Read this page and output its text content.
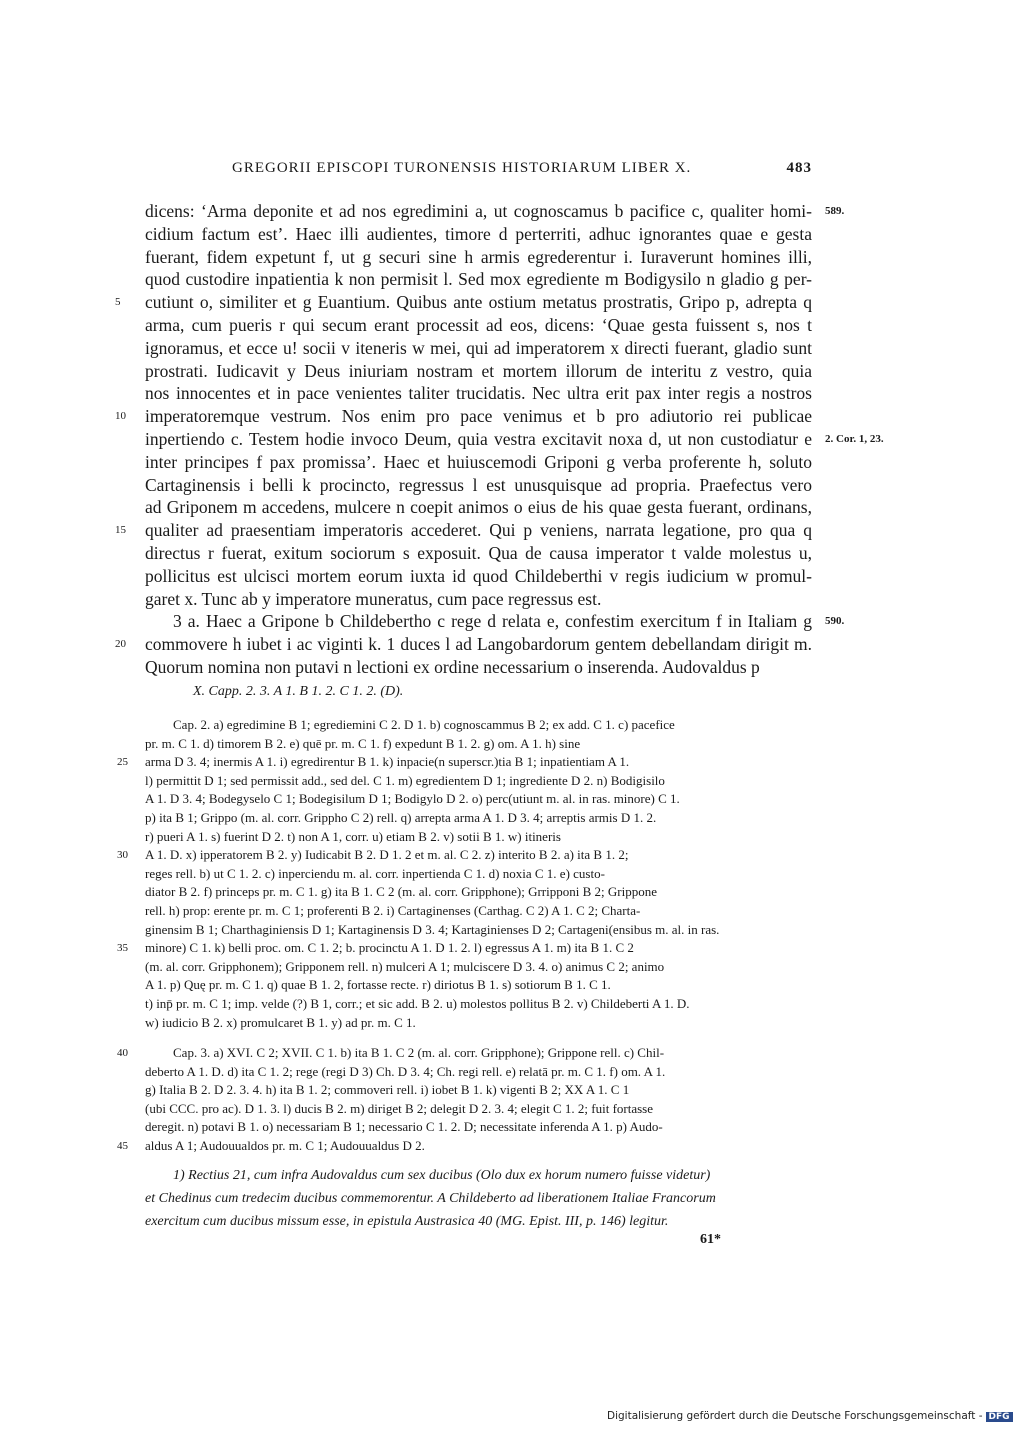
GREGORII EPISCOPI TURONENSIS HISTORIARUM LIBER X.	483
dicens: ‘Arma deponite et ad nos egredimini a, ut cognoscamus b pacifice c, qualiter homi- 589.
cidium factum est’. Haec illi audientes, timore d perterriti, adhuc ignorantes quae e gesta
fuerant, fidem expetunt f, ut g securi sine h armis egrederentur i. Iuraverunt homines illi,
quod custodire inpatientia k non permisit l. Sed mox egrediente m Bodigysilo n gladio g per-
cutiunt o, similiter et g Euantium. Quibus ante ostium metatus prostratis, Gripo p, adrepta q
5
arma, cum pueris r qui secum erant processit ad eos, dicens: ‘Quae gesta fuissent s, nos t
ignoramus, et ecce u! socii v iteneris w mei, qui ad imperatorem x directi fuerant, gladio sunt
prostrati. Iudicavit y Deus iniuriam nostram et mortem illorum de interitu z vestro, quia
nos innocentes et in pace venientes taliter trucidatis. Nec ultra erit pax inter regis a nostros
imperatoremque vestrum. Nos enim pro pace venimus et b pro adiutorio rei publicae
10
inpertiendo c. Testem hodie invoco Deum, quia vestra excitavit noxa d, ut non custodiatur e 2. Cor. 1, 23.
inter principes f pax promissa’. Haec et huiuscemodi Griponi g verba proferente h, soluto
Cartaginensis i belli k procincto, regressus l est unusquisque ad propria. Praefectus vero
ad Griponem m accedens, mulcere n coepit animos o eius de his quae gesta fuerant, ordinans,
qualiter ad praesentiam imperatoris accederet. Qui p veniens, narrata legatione, pro qua q
15
directus r fuerat, exitum sociorum s exposuit. Qua de causa imperator t valde molestus u,
pollicitus est ulcisci mortem eorum iuxta id quod Childeberthi v regis iudicium w promul-
garet x. Tunc ab y imperatore muneratus, cum pace regressus est.
3 a. Haec a Gripone b Childebertho c rege d relata e, confestim exercitum f in Italiam g 590.
commovere h iubet i ac viginti k. 1 duces l ad Langobardorum gentem debellandam dirigit m.
20
Quorum nomina non putavi n lectioni ex ordine necessarium o inserenda. Audovaldus p
X. Capp. 2. 3. A 1. B 1. 2. C 1. 2. (D).
Cap. 2. a) egredimine B 1; egrediemini C 2. D 1. b) cognoscammus B 2; ex add. C 1. c) pacefice
pr. m. C 1. d) timorem B 2. e) quē pr. m. C 1. f) expedunt B 1. 2. g) om. A 1. h) sine
arma D 3. 4; inermis A 1. i) egredirentur B 1. k) inpacie(n superscr.)tia B 1; inpatientiam A 1.
25
l) permittit D 1; sed permissit add., sed del. C 1. m) egredientem D 1; ingrediente D 2. n) Bodigisilo
A 1. D 3. 4; Bodegyselo C 1; Bodegisilum D 1; Bodigylo D 2. o) perc(utiunt m. al. in ras. minore) C 1.
p) ita B 1; Grippo (m. al. corr. Grippho C 2) rell. q) arrepta arma A 1. D 3. 4; arreptis armis D 1. 2.
r) pueri A 1. s) fuerint D 2. t) non A 1, corr. u) etiam B 2. v) sotii B 1. w) itineris
A 1. D. x) ipperatorem B 2. y) Iudicabit B 2. D 1. 2 et m. al. C 2. z) interito B 2. a) ita B 1. 2;
30
reges rell. b) ut C 1. 2. c) inperciendu m. al. corr. inpertienda C 1. d) noxia C 1. e) custo-
diator B 2. f) princeps pr. m. C 1. g) ita B 1. C 2 (m. al. corr. Gripphone); Grripponi B 2; Grippone
rell. h) prop: erente pr. m. C 1; proferenti B 2. i) Cartaginenses (Carthag. C 2) A 1. C 2; Charta-
ginensim B 1; Charthaginiensis D 1; Kartaginensis D 3. 4; Kartaginienses D 2; Cartageni(ensibus m. al. in ras.
minore) C 1. k) belli proc. om. C 1. 2; b. procinctu A 1. D 1. 2. l) egressus A 1. m) ita B 1. C 2
35
(m. al. corr. Gripphonem); Gripponem rell. n) mulceri A 1; mulciscere D 3. 4. o) animus C 2; animo
A 1. p) Quę pr. m. C 1. q) quae B 1. 2, fortasse recte. r) diriotus B 1. s) sotiorum B 1. C 1.
t) inp̄ pr. m. C 1; imp. velde (?) B 1, corr.; et sic add. B 2. u) molestos pollitus B 2. v) Childeberti A 1. D.
w) iudicio B 2. x) promulcaret B 1. y) ad pr. m. C 1.
Cap. 3. a) XVI. C 2; XVII. C 1. b) ita B 1. C 2 (m. al. corr. Gripphone); Grippone rell. c) Chil-
40
deberto A 1. D. d) ita C 1. 2; rege (regi D 3) Ch. D 3. 4; Ch. regi rell. e) relatā pr. m. C 1. f) om. A 1.
g) Italia B 2. D 2. 3. 4. h) ita B 1. 2; commoveri rell. i) iobet B 1. k) vigenti B 2; XX A 1. C 1
(ubi CCC. pro ac). D 1. 3. l) ducis B 2. m) diriget B 2; delegit D 2. 3. 4; elegit C 1. 2; fuit fortasse
deregit. n) potavi B 1. o) necessariam B 1; necessario C 1. 2. D; necessitate inferenda A 1. p) Audo-
aldus A 1; Audouualdos pr. m. C 1; Audouualdus D 2.
45
1) Rectius 21, cum infra Audovaldus cum sex ducibus (Olo dux ex horum numero fuisse videtur)
et Chedinus cum tredecim ducibus commemorentur. A Childeberto ad liberationem Italiae Francorum
exercitum cum ducibus missum esse, in epistula Austrasica 40 (MG. Epist. III, p. 146) legitur.
61*
Digitalisierung gefördert durch die Deutsche Forschungsgemeinschaft - DFG
